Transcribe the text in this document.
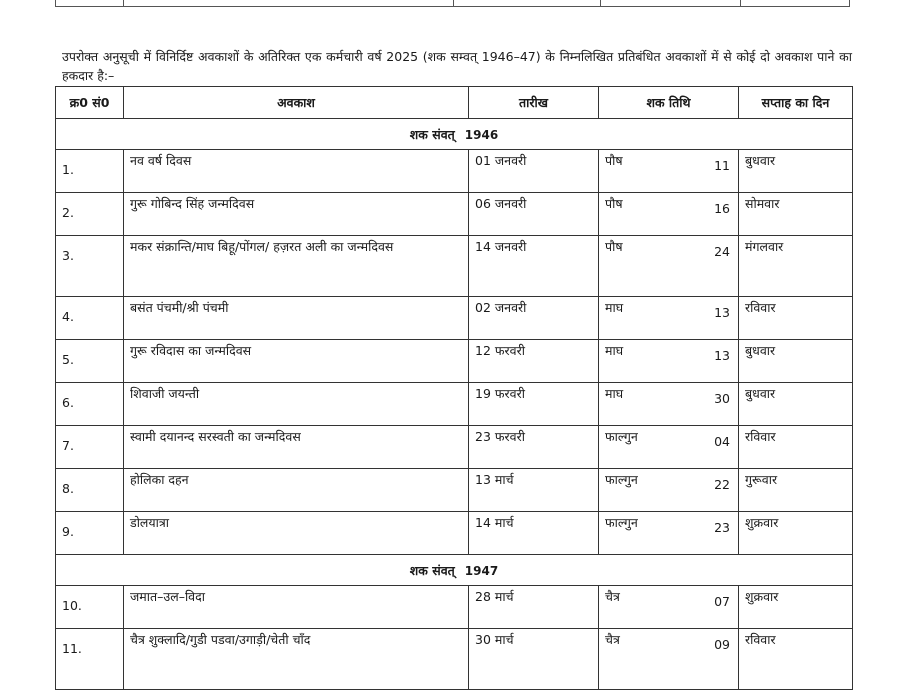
उपरोक्त अनुसूची में विनिर्दिष्ट अवकाशों के अतिरिक्त एक कर्मचारी वर्ष 2025 (शक सम्वत् 1946–47) के निम्नलिखित प्रतिबंधित अवकाशों में से कोई दो अवकाश पाने का हकदार है:–

क्र0 सं0	अवकाश	तारीख	शक तिथि	सप्ताह का दिन
शक संवत् 1946				
1.	नव वर्ष दिवस	01 जनवरी	पौष 11	बुधवार
2.	गुरू गोबिन्द सिंह जन्मदिवस	06 जनवरी	पौष 16	सोमवार
3.	मकर संक्रान्ति/माघ बिहू/पोंगल/ हज़रत अली का जन्मदिवस	14 जनवरी	पौष 24	मंगलवार
4.	बसंत पंचमी/श्री पंचमी	02 जनवरी	माघ 13	रविवार
5.	गुरू रविदास का जन्मदिवस	12 फरवरी	माघ 13	बुधवार
6.	शिवाजी जयन्ती	19 फरवरी	माघ 30	बुधवार
7.	स्वामी दयानन्द सरस्वती का जन्मदिवस	23 फरवरी	फाल्गुन 04	रविवार
8.	होलिका दहन	13 मार्च	फाल्गुन 22	गुरूवार
9.	डोलयात्रा	14 मार्च	फाल्गुन 23	शुक्रवार
शक संवत् 1947				
10.	जमात–उल–विदा	28 मार्च	चैत्र 07	शुक्रवार
11.	चैत्र शुक्लादि/गुडी पडवा/उगाड़ी/चेती चाँद	30 मार्च	चैत्र 09	रविवार
